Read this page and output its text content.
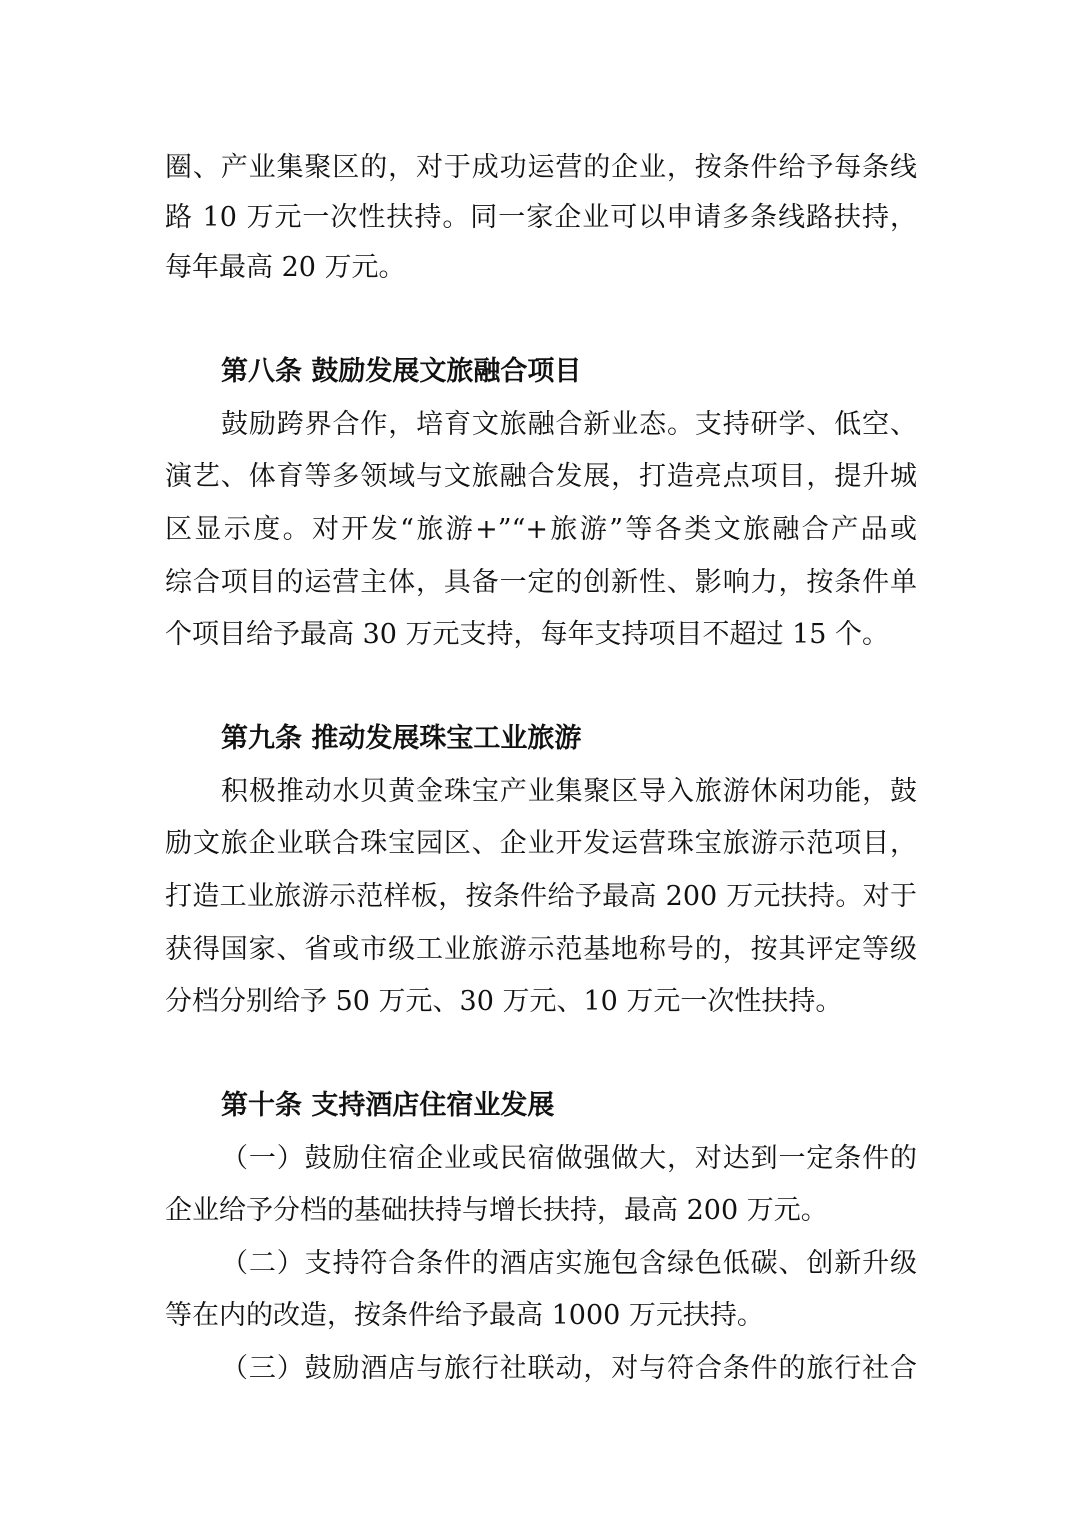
圈、产业集聚区的，对于成功运营的企业，按条件给予每条线
路 10 万元一次性扶持。同一家企业可以申请多条线路扶持，
每年最高 20 万元。
第八条 鼓励发展文旅融合项目
鼓励跨界合作，培育文旅融合新业态。支持研学、低空、
演艺、体育等多领域与文旅融合发展，打造亮点项目，提升城
区显示度。对开发“旅游+”“+旅游”等各类文旅融合产品或
综合项目的运营主体，具备一定的创新性、影响力，按条件单
个项目给予最高 30 万元支持，每年支持项目不超过 15 个。
第九条 推动发展珠宝工业旅游
积极推动水贝黄金珠宝产业集聚区导入旅游休闲功能，鼓
励文旅企业联合珠宝园区、企业开发运营珠宝旅游示范项目，
打造工业旅游示范样板，按条件给予最高 200 万元扶持。对于
获得国家、省或市级工业旅游示范基地称号的，按其评定等级
分档分别给予 50 万元、30 万元、10 万元一次性扶持。
第十条 支持酒店住宿业发展
（一）鼓励住宿企业或民宿做强做大，对达到一定条件的
企业给予分档的基础扶持与增长扶持，最高 200 万元。
（二）支持符合条件的酒店实施包含绿色低碳、创新升级
等在内的改造，按条件给予最高 1000 万元扶持。
（三）鼓励酒店与旅行社联动，对与符合条件的旅行社合
